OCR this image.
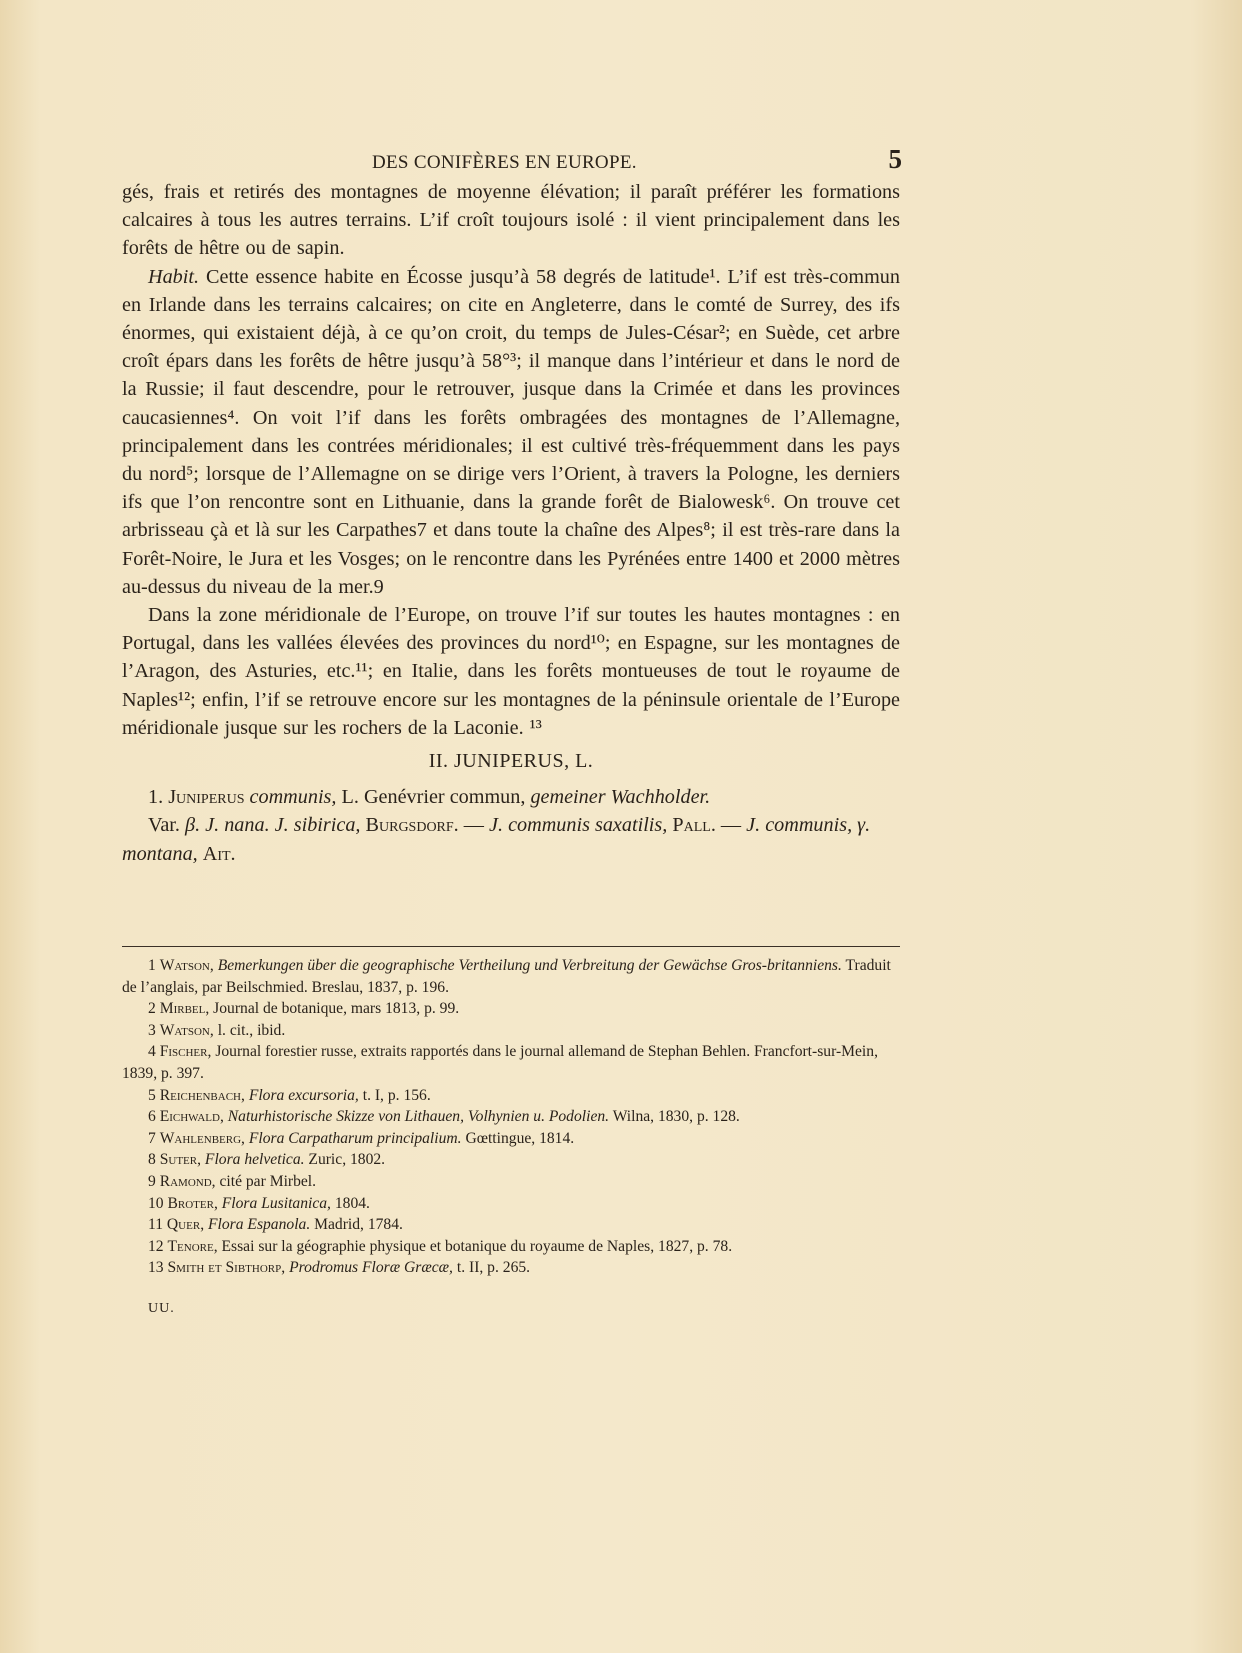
DES CONIFÈRES EN EUROPE.	5

gés, frais et retirés des montagnes de moyenne élévation; il paraît préférer les formations calcaires à tous les autres terrains. L’if croît toujours isolé : il vient principalement dans les forêts de hêtre ou de sapin.

Habit. Cette essence habite en Écosse jusqu’à 58 degrés de latitude¹. L’if est très-commun en Irlande dans les terrains calcaires; on cite en Angleterre, dans le comté de Surrey, des ifs énormes, qui existaient déjà, à ce qu’on croit, du temps de Jules-César²; en Suède, cet arbre croît épars dans les forêts de hêtre jusqu’à 58°³; il manque dans l’intérieur et dans le nord de la Russie; il faut descendre, pour le retrouver, jusque dans la Crimée et dans les provinces caucasiennes⁴. On voit l’if dans les forêts ombragées des montagnes de l’Allemagne, principalement dans les contrées méridionales; il est cultivé très-fréquemment dans les pays du nord⁵; lorsque de l’Allemagne on se dirige vers l’Orient, à travers la Pologne, les derniers ifs que l’on rencontre sont en Lithuanie, dans la grande forêt de Bialowesk⁶. On trouve cet arbrisseau çà et là sur les Carpathes7 et dans toute la chaîne des Alpes⁸; il est très-rare dans la Forêt-Noire, le Jura et les Vosges; on le rencontre dans les Pyrénées entre 1400 et 2000 mètres au-dessus du niveau de la mer.9

Dans la zone méridionale de l’Europe, on trouve l’if sur toutes les hautes montagnes : en Portugal, dans les vallées élevées des provinces du nord¹⁰; en Espagne, sur les montagnes de l’Aragon, des Asturies, etc.¹¹; en Italie, dans les forêts montueuses de tout le royaume de Naples¹²; enfin, l’if se retrouve encore sur les montagnes de la péninsule orientale de l’Europe méridionale jusque sur les rochers de la Laconie. ¹³

II. JUNIPERUS, L.

1. Juniperus communis, L. Genévrier commun, gemeiner Wachholder.

Var. β. J. nana. J. sibirica, Burgsdorf. — J. communis saxatilis, Pall. — J. communis, γ. montana, Ait.

1 Watson, Bemerkungen über die geographische Vertheilung und Verbreitung der Gewächse Gros-britanniens. Traduit de l’anglais, par Beilschmied. Breslau, 1837, p. 196.

2 Mirbel, Journal de botanique, mars 1813, p. 99.

3 Watson, l. cit., ibid.

4 Fischer, Journal forestier russe, extraits rapportés dans le journal allemand de Stephan Behlen. Francfort-sur-Mein, 1839, p. 397.

5 Reichenbach, Flora excursoria, t. I, p. 156.

6 Eichwald, Naturhistorische Skizze von Lithauen, Volhynien u. Podolien. Wilna, 1830, p. 128.

7 Wahlenberg, Flora Carpatharum principalium. Gœttingue, 1814.

8 Suter, Flora helvetica. Zuric, 1802.

9 Ramond, cité par Mirbel.

10 Broter, Flora Lusitanica, 1804.

11 Quer, Flora Espanola. Madrid, 1784.

12 Tenore, Essai sur la géographie physique et botanique du royaume de Naples, 1827, p. 78.

13 Smith et Sibthorp, Prodromus Floræ Græcæ, t. II, p. 265.

UU.
